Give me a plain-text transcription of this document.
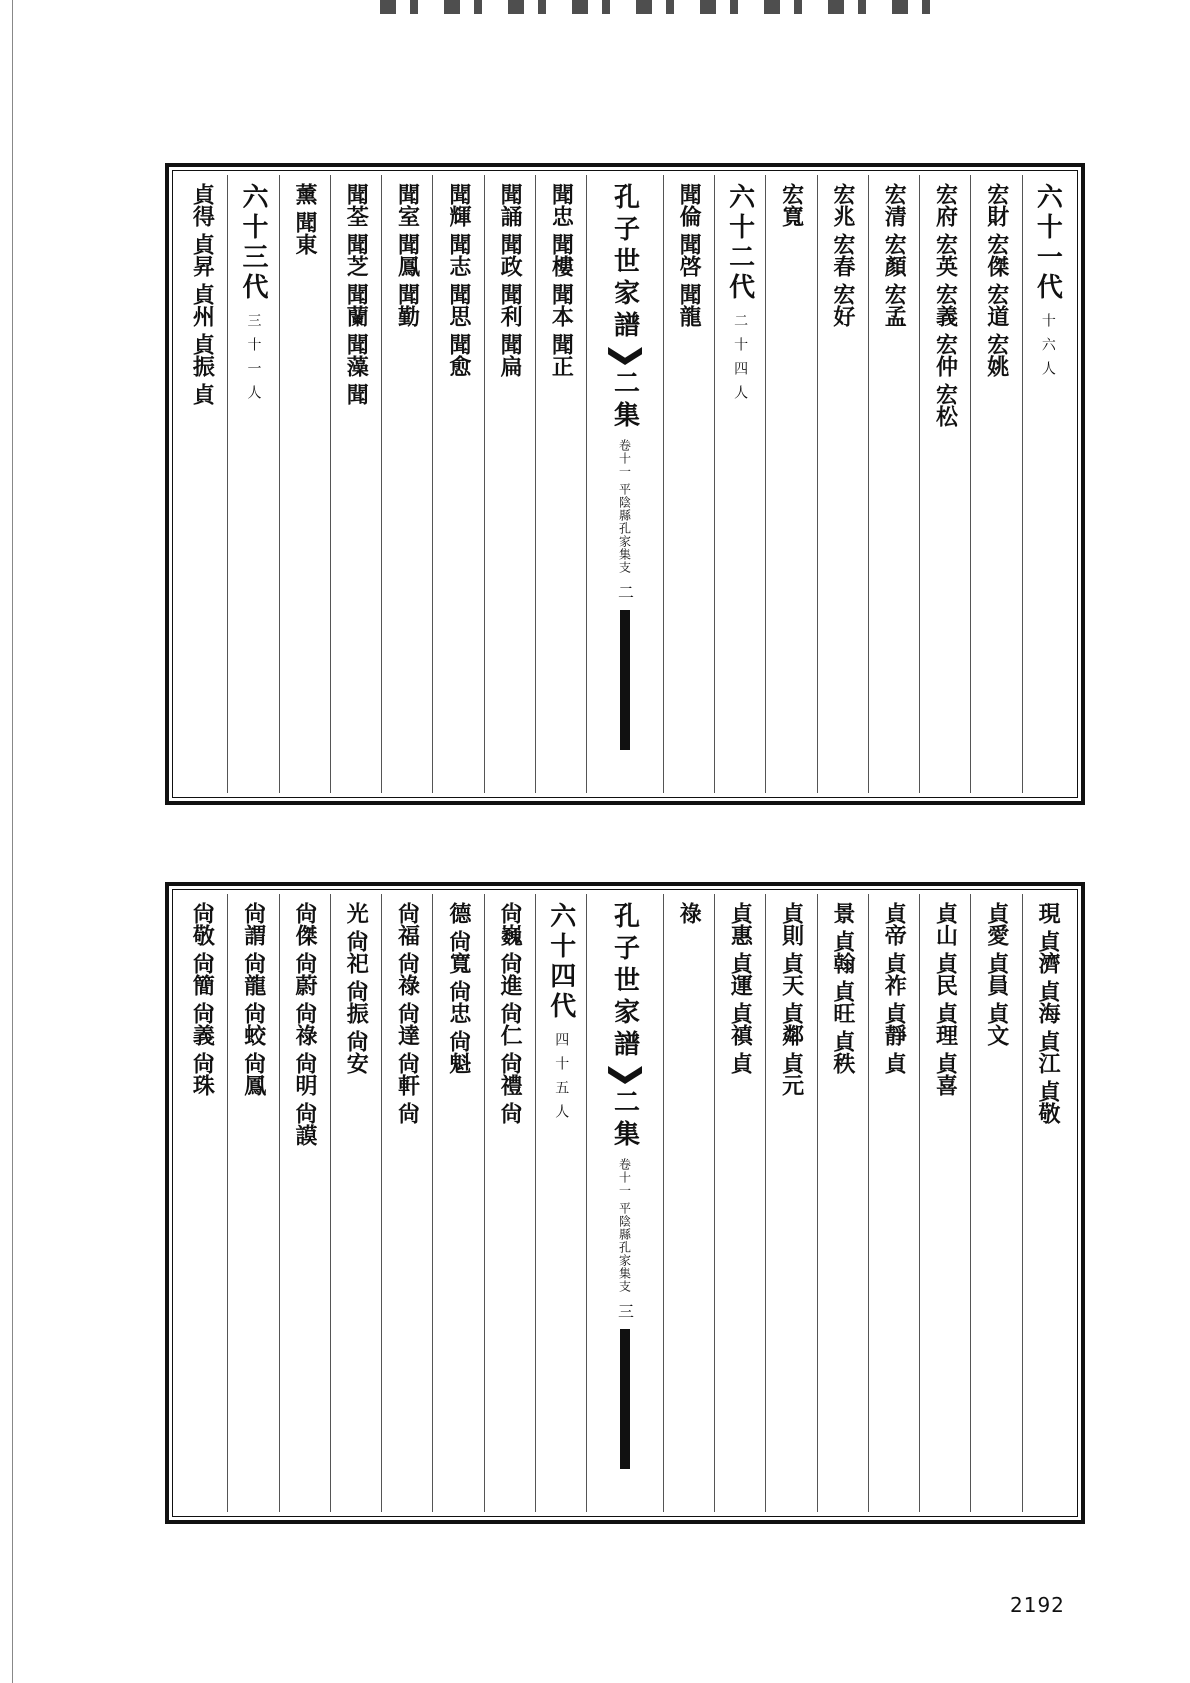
六十一代
十六人
宏財
宏傑
宏道
宏姚
宏府
宏英
宏義
宏仲
宏松
宏清
宏顏
宏孟
宏兆
宏春
宏好
宏寬
六十二代
二十四人
聞倫
聞啓
聞龍
孔子世家譜
二集
卷十一 平陰縣孔家集支
二
聞忠
聞樓
聞本
聞正
聞誦
聞政
聞利
聞扁
聞輝
聞志
聞思
聞愈
聞室
聞鳳
聞勤
聞荃
聞芝
聞蘭
聞藻
聞
薰
聞東
六十三代
三十一人
貞得
貞昇
貞州
貞振
貞
現
貞濟
貞海
貞江
貞敬
貞愛
貞員
貞文
貞山
貞民
貞理
貞喜
貞帝
貞祚
貞靜
貞
景
貞翰
貞旺
貞秩
貞則
貞天
貞鄰
貞元
貞惠
貞運
貞禛
貞
祿
孔子世家譜
二集
卷十一 平陰縣孔家集支
三
六十四代
四十五人
尙巍
尙進
尙仁
尙禮
尙
德
尙寬
尙忠
尙魁
尙福
尙祿
尙達
尙軒
尙
光
尙祀
尙振
尙安
尙傑
尙蔚
尙祿
尙明
尙謨
尙謂
尙龍
尙蛟
尙鳳
尙敬
尙簡
尙義
尙珠
2192
